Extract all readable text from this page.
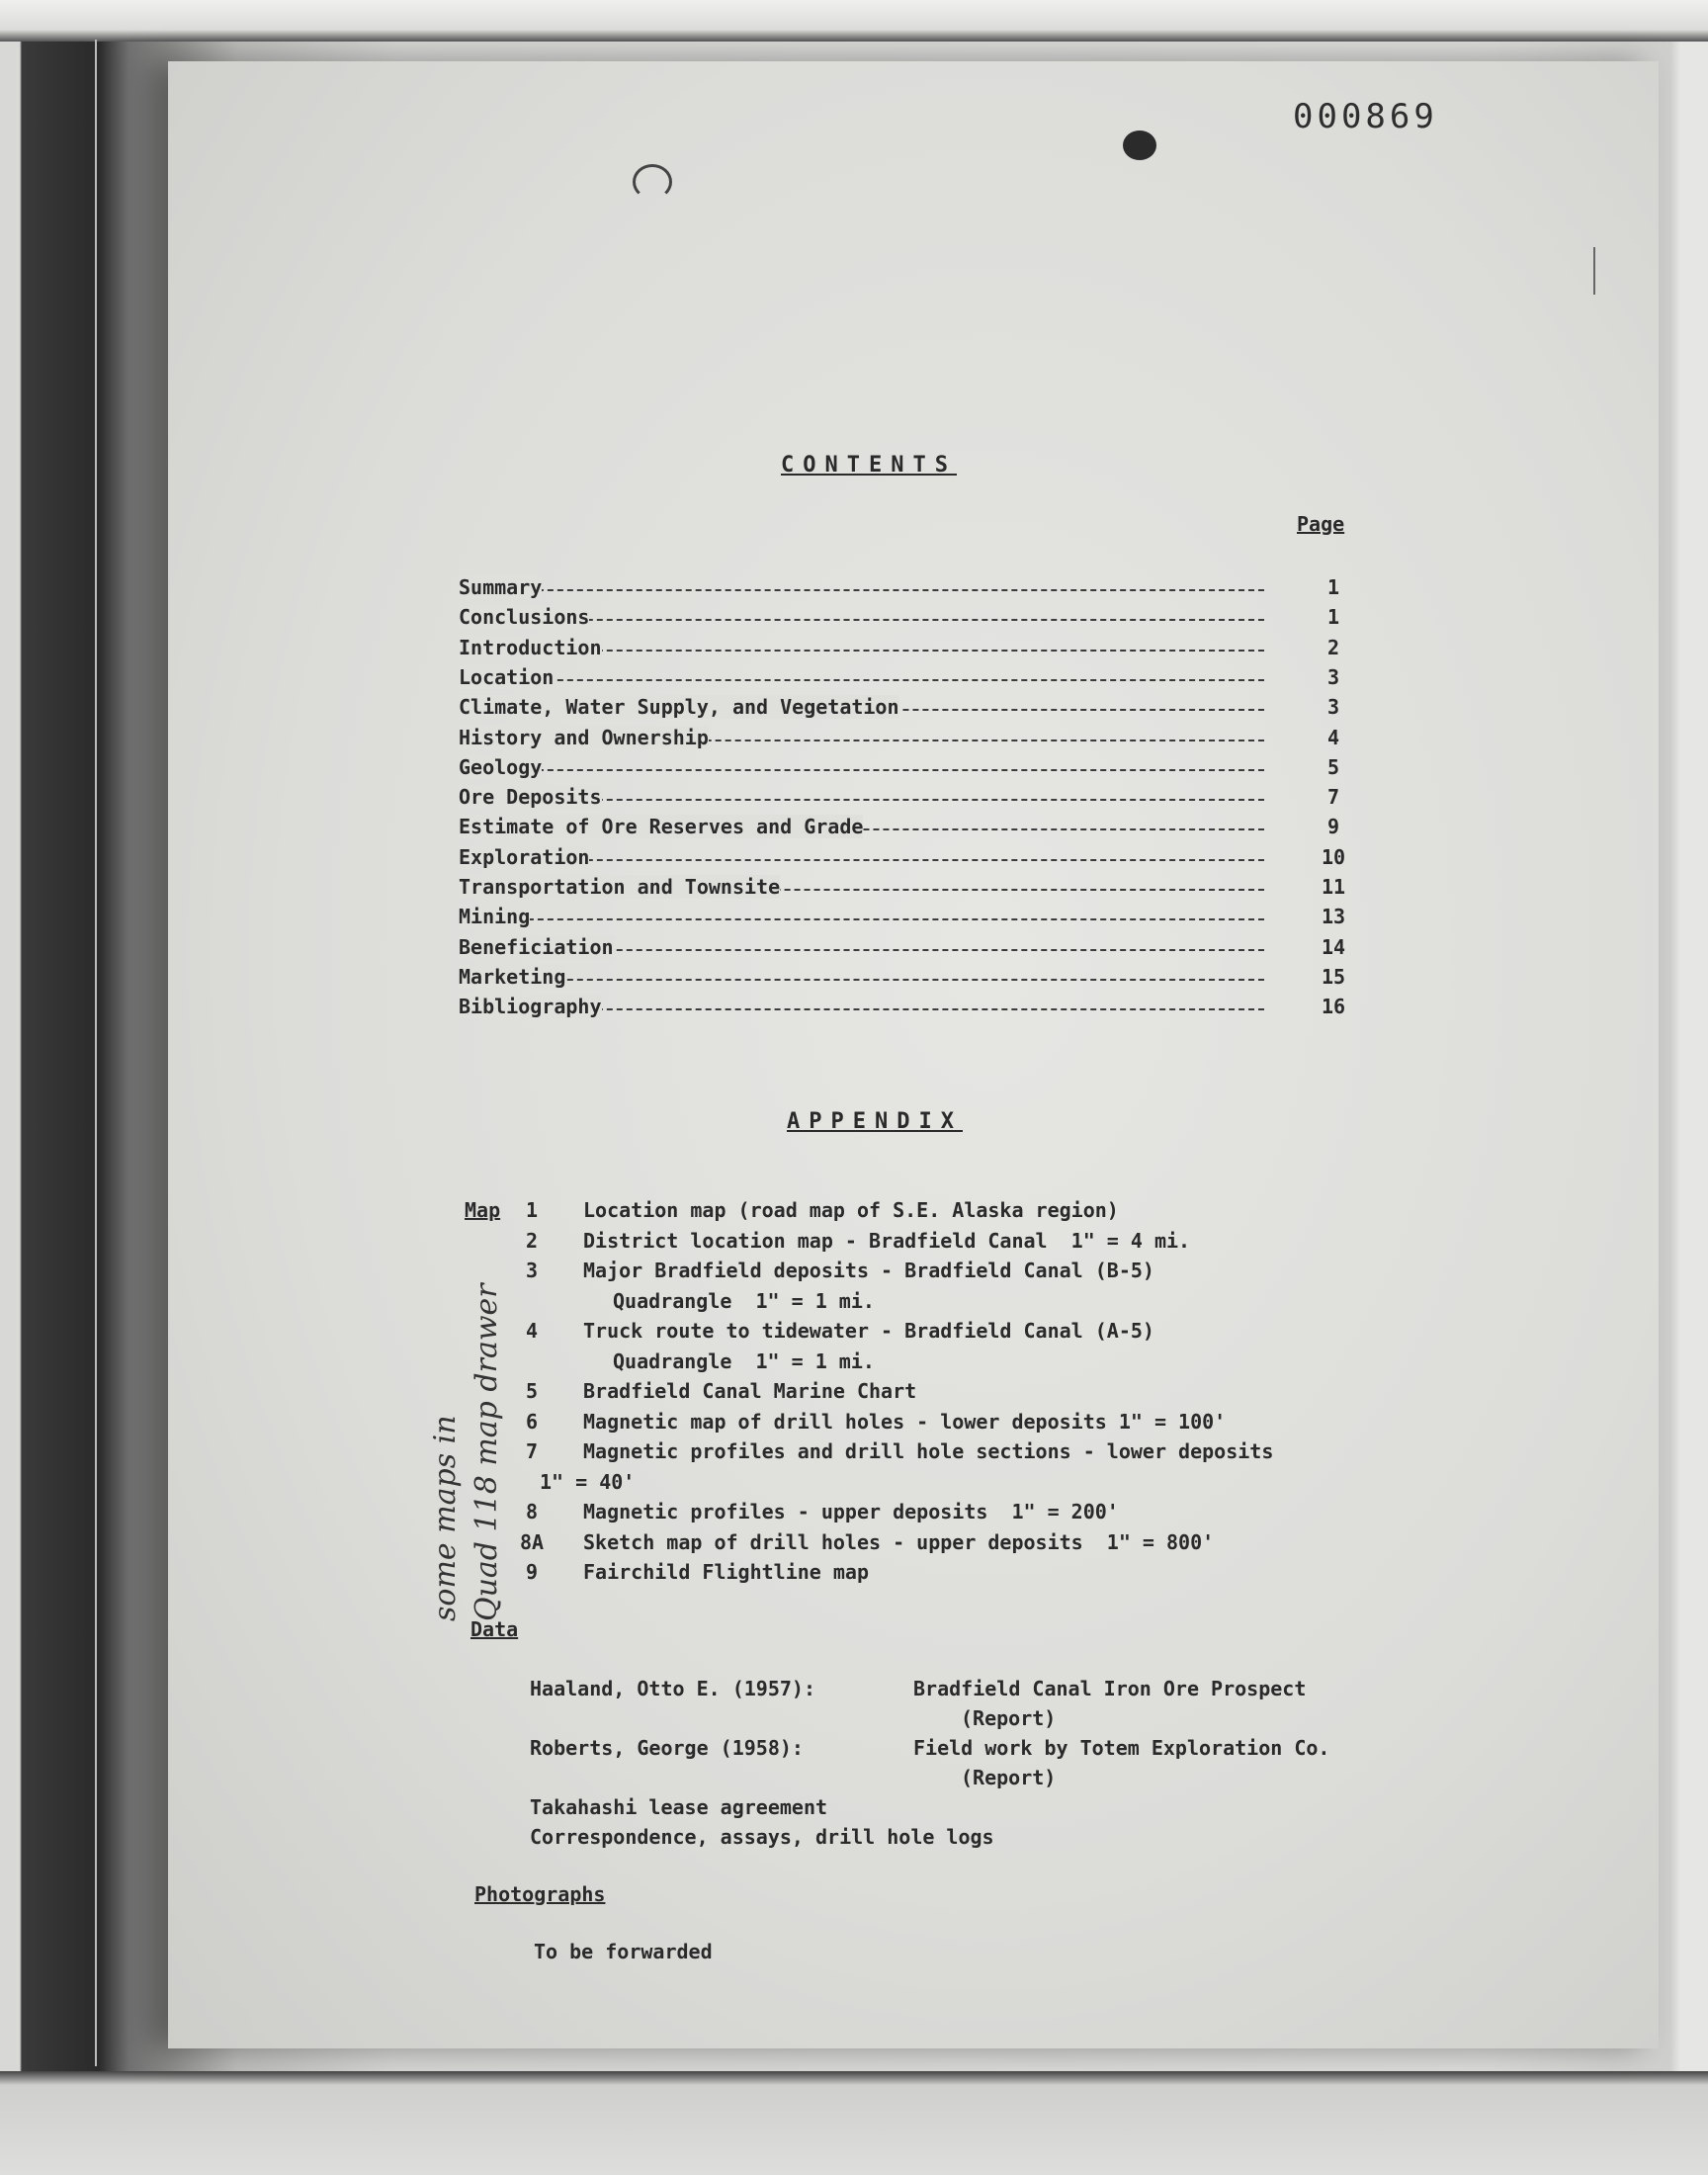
000869
CONTENTS
Page
Summary	1
Conclusions	1
Introduction	2
Location	3
Climate, Water Supply, and Vegetation	3
History and Ownership	4
Geology	5
Ore Deposits	7
Estimate of Ore Reserves and Grade	9
Exploration	10
Transportation and Townsite	11
Mining	13
Beneficiation	14
Marketing	15
Bibliography	16
APPENDIX
Map	1	Location map (road map of S.E. Alaska region)
2	District location map - Bradfield Canal  1" = 4 mi.
3	Major Bradfield deposits - Bradfield Canal (B-5)
Quadrangle  1" = 1 mi.
4	Truck route to tidewater - Bradfield Canal (A-5)
Quadrangle  1" = 1 mi.
5	Bradfield Canal Marine Chart
6	Magnetic map of drill holes - lower deposits 1" = 100'
7	Magnetic profiles and drill hole sections - lower deposits
1" = 40'
8	Magnetic profiles - upper deposits  1" = 200'
8A	Sketch map of drill holes - upper deposits  1" = 800'
9	Fairchild Flightline map
some maps in Quad 118 map drawer
Data
Haaland, Otto E. (1957):	Bradfield Canal Iron Ore Prospect
(Report)
Roberts, George (1958):	Field work by Totem Exploration Co.
(Report)
Takahashi lease agreement
Correspondence, assays, drill hole logs
Photographs
To be forwarded
